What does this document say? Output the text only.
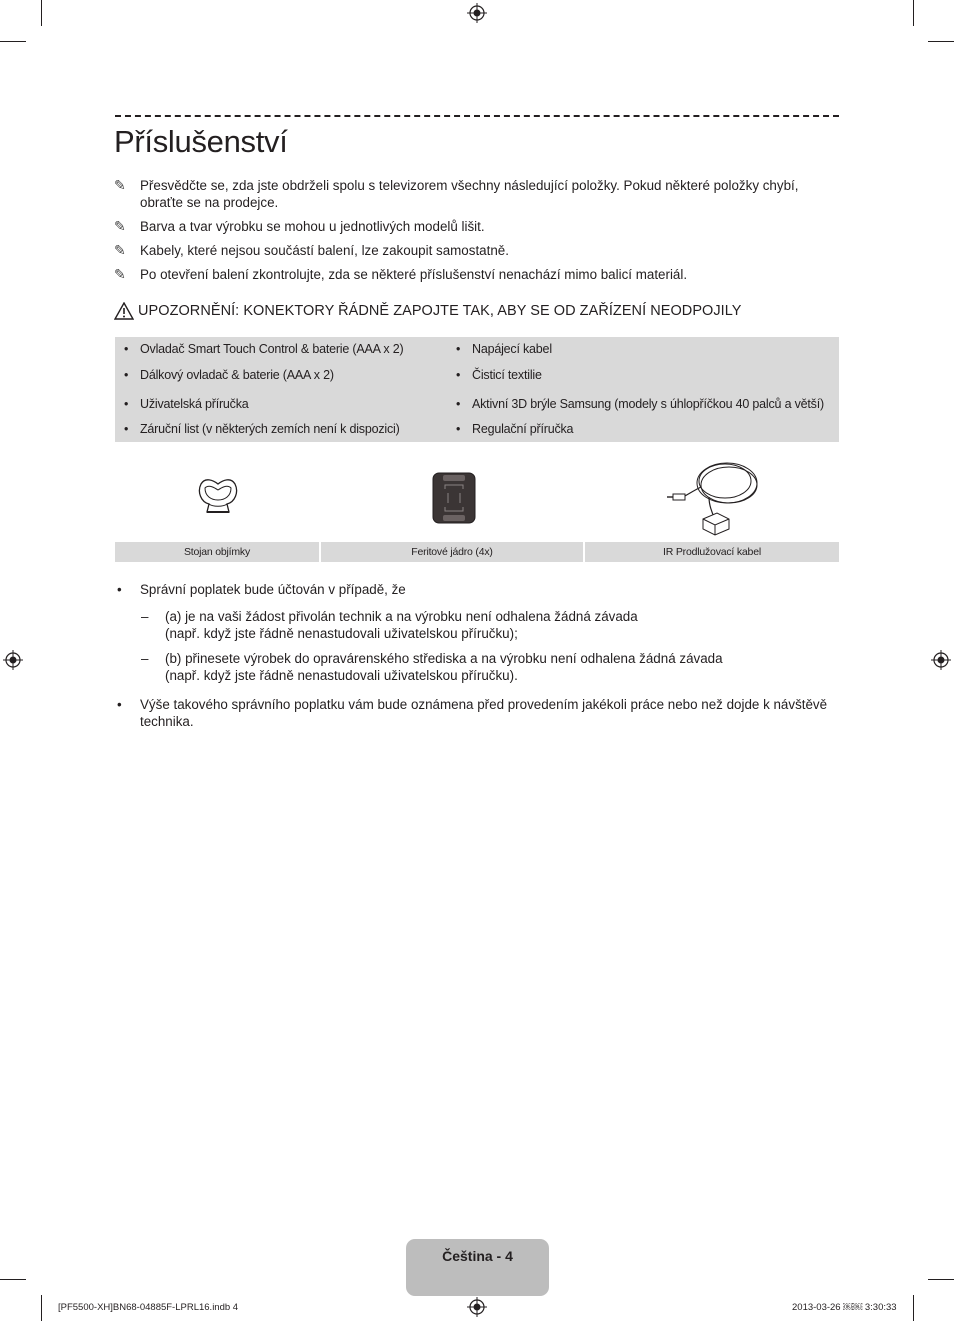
Příslušenství
✎	Přesvědčte se, zda jste obdrželi spolu s televizorem všechny následující položky. Pokud některé položky chybí, obraťte se na prodejce.
✎	Barva a tvar výrobku se mohou u jednotlivých modelů lišit.
✎	Kabely, které nejsou součástí balení, lze zakoupit samostatně.
✎	Po otevření balení zkontrolujte, zda se některé příslušenství nenachází mimo balicí materiál.
UPOZORNĚNÍ: KONEKTORY ŘÁDNĚ ZAPOJTE TAK, ABY SE OD ZAŘÍZENÍ NEODPOJILY
• Ovladač Smart Touch Control & baterie (AAA x 2)
• Dálkový ovladač & baterie (AAA x 2)
• Uživatelská příručka
• Záruční list (v některých zemích není k dispozici)
• Napájecí kabel
• Čisticí textilie
• Aktivní 3D brýle Samsung (modely s úhlopříčkou 40 palců a větší)
• Regulační příručka
Stojan objímky	Feritové jádro (4x)	IR Prodlužovací kabel
•	Správní poplatek bude účtován v případě, že
–	(a) je na vaši žádost přivolán technik a na výrobku není odhalena žádná závada
(např. když jste řádně nenastudovali uživatelskou příručku);
–	(b) přinesete výrobek do opravárenského střediska a na výrobku není odhalena žádná závada
(např. když jste řádně nenastudovali uživatelskou příručku).
•	Výše takového správního poplatku vám bude oznámena před provedením jakékoli práce nebo než dojde k návštěvě technika.
Čeština - 4
[PF5500-XH]BN68-04885F-LPRL16.indb 4	2013-03-26 ￼￼ 3:30:33
